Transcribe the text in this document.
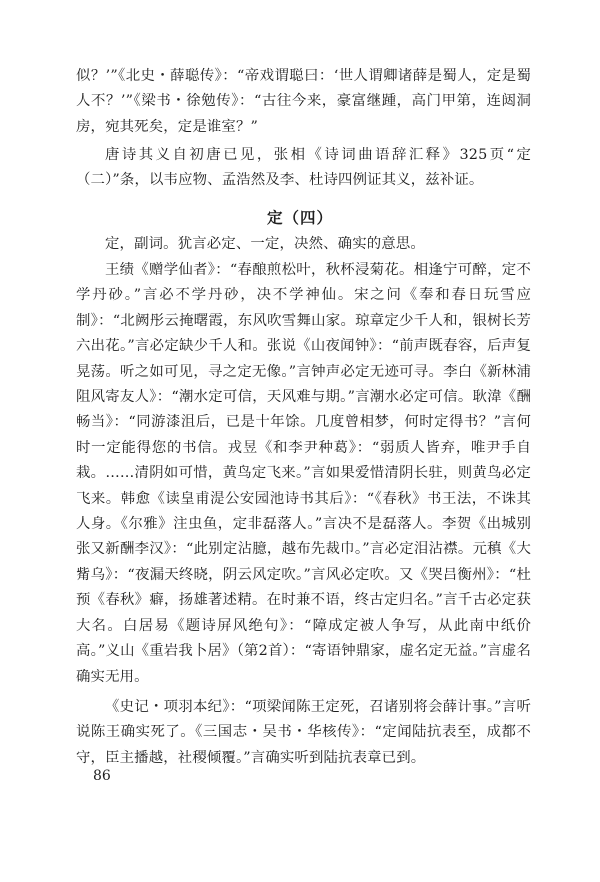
似？’”《北史・薛聪传》：“帝戏谓聪曰：‘世人谓卿诸薛是蜀人，定是蜀人不？’”《梁书・徐勉传》：“古往今来，豪富继踵，高门甲第，连闼洞房，宛其死矣，定是谁室？”

唐诗其义自初唐已见，张相《诗词曲语辞汇释》325页“定（二）”条，以韦应物、孟浩然及李、杜诗四例证其义，兹补证。

定（四）

定，副词。犹言必定、一定，决然、确实的意思。

王绩《赠学仙者》：“春酿煎松叶，秋杯浸菊花。相逢宁可醉，定不学丹砂。”言必不学丹砂，决不学神仙。宋之问《奉和春日玩雪应制》：“北阙彤云掩曙霞，东风吹雪舞山家。琼章定少千人和，银树长芳六出花。”言必定缺少千人和。张说《山夜闻钟》：“前声既春容，后声复晃荡。听之如可见，寻之定无像。”言钟声必定无迹可寻。李白《新林浦阻风寄友人》：“潮水定可信，天风难与期。”言潮水必定可信。耿湋《酬畅当》：“同游漆沮后，已是十年馀。几度曾相梦，何时定得书？”言何时一定能得您的书信。戎昱《和李尹种葛》：“弱质人皆弃，唯尹手自栽。……清阴如可惜，黄鸟定飞来。”言如果爱惜清阴长驻，则黄鸟必定飞来。韩愈《读皇甫湜公安园池诗书其后》：“《春秋》书王法，不诛其人身。《尔雅》注虫鱼，定非磊落人。”言决不是磊落人。李贺《出城别张又新酬李汉》：“此别定沾臆，越布先裁巾。”言必定泪沾襟。元稹《大觜乌》：“夜漏天终晓，阴云风定吹。”言风必定吹。又《哭吕衡州》：“杜预《春秋》癖，扬雄著述精。在时兼不语，终古定归名。”言千古必定获大名。白居易《题诗屏风绝句》：“障成定被人争写，从此南中纸价高。”义山《重岩我卜居》（第2首）：“寄语钟鼎家，虚名定无益。”言虚名确实无用。

《史记・项羽本纪》：“项梁闻陈王定死，召诸别将会薛计事。”言听说陈王确实死了。《三国志・吴书・华核传》：“定闻陆抗表至，成都不守，臣主播越，社稷倾覆。”言确实听到陆抗表章已到。

86
